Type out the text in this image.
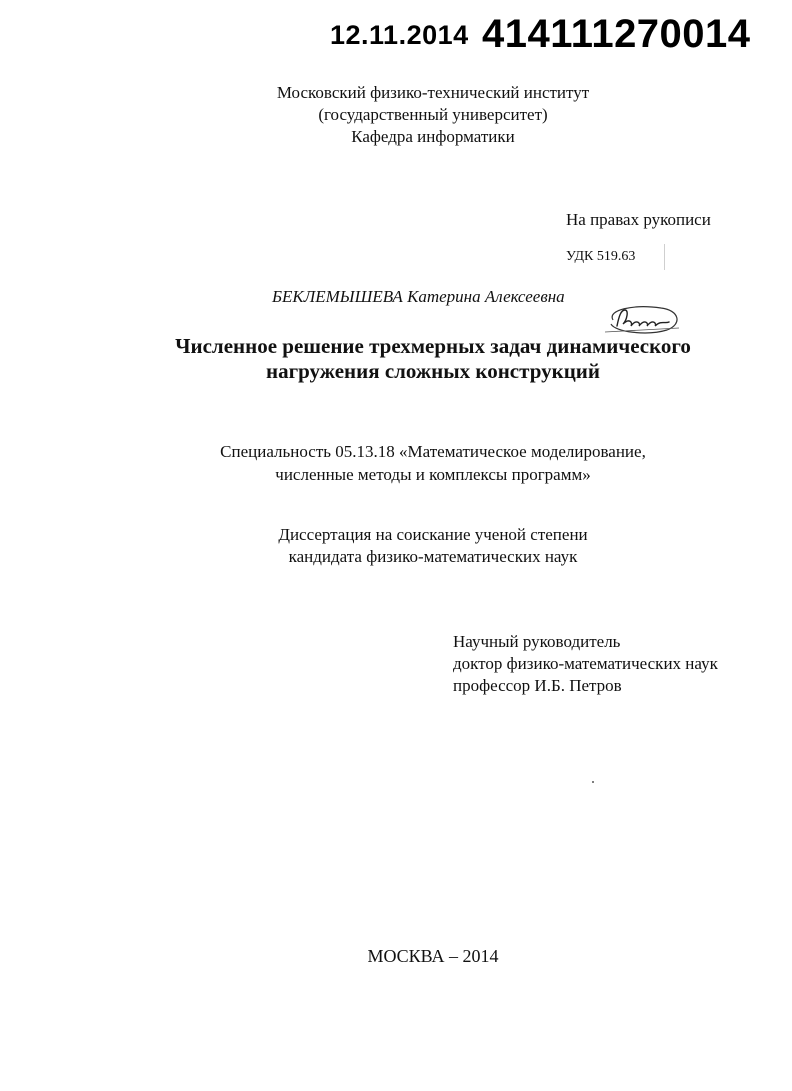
12.11.2014 414111270014
Московский физико-технический институт
(государственный университет)
Кафедра информатики
На правах рукописи
УДК 519.63
БЕКЛЕМЫШЕВА Катерина Алексеевна
Численное решение трехмерных задач динамического
нагружения сложных конструкций
Специальность 05.13.18 «Математическое моделирование,
численные методы и комплексы программ»
Диссертация на соискание ученой степени
кандидата физико-математических наук
Научный руководитель
доктор физико-математических наук
профессор И.Б. Петров
МОСКВА – 2014
